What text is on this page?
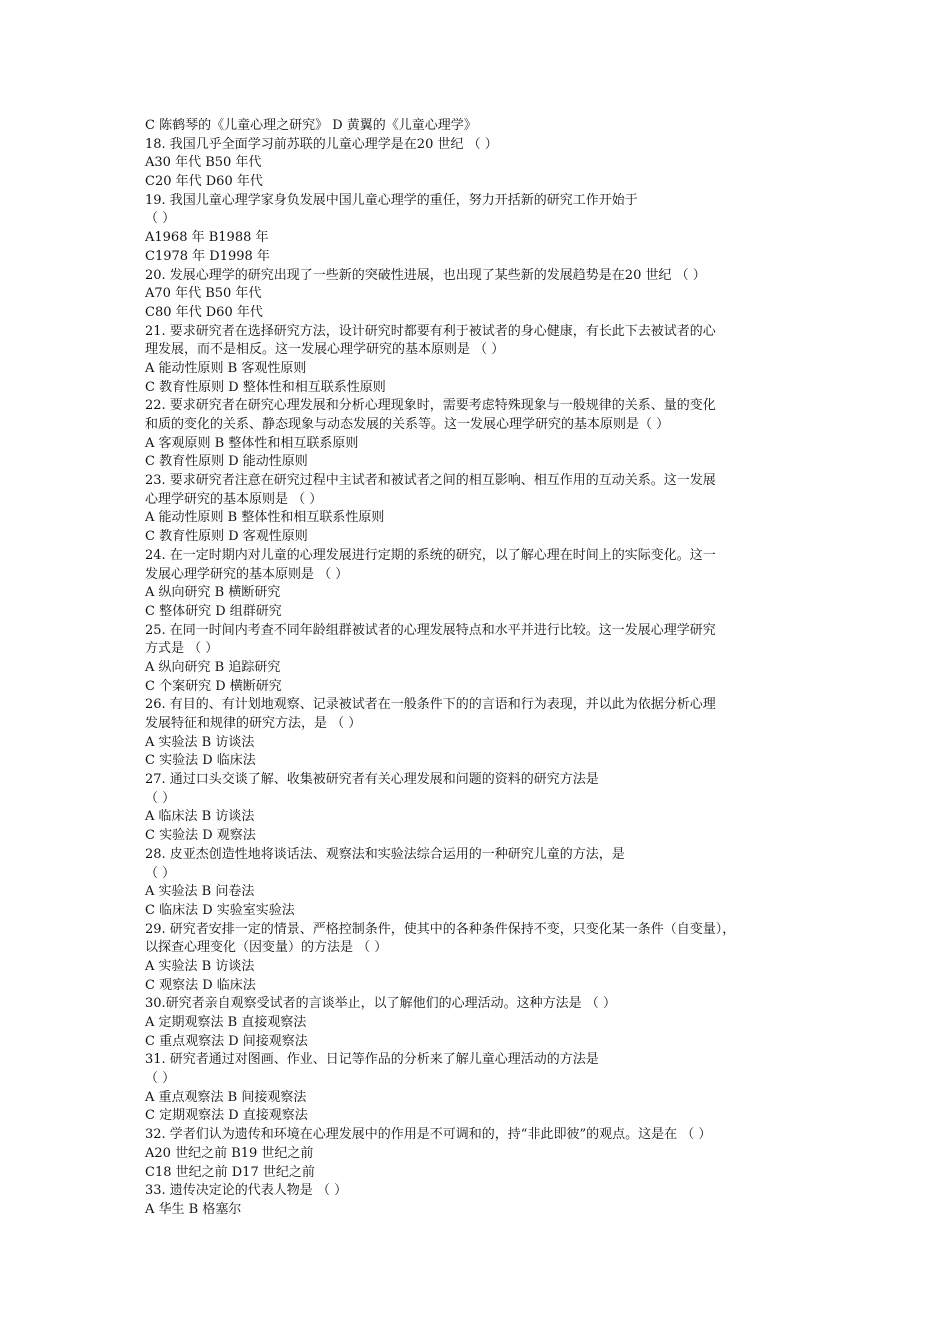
C 陈鹤琴的《儿童心理之研究》 D 黄翼的《儿童心理学》
18. 我国几乎全面学习前苏联的儿童心理学是在20 世纪 （ ）
A30 年代 B50 年代
C20 年代 D60 年代
19. 我国儿童心理学家身负发展中国儿童心理学的重任，努力开括新的研究工作开始于
（ ）
A1968 年 B1988 年
C1978 年 D1998 年
20. 发展心理学的研究出现了一些新的突破性进展，也出现了某些新的发展趋势是在20 世纪 （ ）
A70 年代 B50 年代
C80 年代 D60 年代
21. 要求研究者在选择研究方法，设计研究时都要有利于被试者的身心健康，有长此下去被试者的心
理发展，而不是相反。这一发展心理学研究的基本原则是 （ ）
A 能动性原则 B 客观性原则
C 教育性原则 D 整体性和相互联系性原则
22. 要求研究者在研究心理发展和分析心理现象时，需要考虑特殊现象与一般规律的关系、量的变化
和质的变化的关系、静态现象与动态发展的关系等。这一发展心理学研究的基本原则是（ ）
A 客观原则 B 整体性和相互联系原则
C 教育性原则 D 能动性原则
23. 要求研究者注意在研究过程中主试者和被试者之间的相互影响、相互作用的互动关系。这一发展
心理学研究的基本原则是 （ ）
A 能动性原则 B 整体性和相互联系性原则
C 教育性原则 D 客观性原则
24. 在一定时期内对儿童的心理发展进行定期的系统的研究，以了解心理在时间上的实际变化。这一
发展心理学研究的基本原则是 （ ）
A 纵向研究 B 横断研究
C 整体研究 D 组群研究
25. 在同一时间内考查不同年龄组群被试者的心理发展特点和水平并进行比较。这一发展心理学研究
方式是 （ ）
A 纵向研究 B 追踪研究
C 个案研究 D 横断研究
26. 有目的、有计划地观察、记录被试者在一般条件下的的言语和行为表现，并以此为依据分析心理
发展特征和规律的研究方法，是 （ ）
A 实验法 B 访谈法
C 实验法 D 临床法
27. 通过口头交谈了解、收集被研究者有关心理发展和问题的资料的研究方法是
（ ）
A 临床法 B 访谈法
C 实验法 D 观察法
28. 皮亚杰创造性地将谈话法、观察法和实验法综合运用的一种研究儿童的方法，是
（ ）
A 实验法 B 问卷法
C 临床法 D 实验室实验法
29. 研究者安排一定的情景、严格控制条件，使其中的各种条件保持不变，只变化某一条件（自变量），
以探查心理变化（因变量）的方法是 （ ）
A 实验法 B 访谈法
C 观察法 D 临床法
30.研究者亲自观察受试者的言谈举止，以了解他们的心理活动。这种方法是 （ ）
A 定期观察法 B 直接观察法
C 重点观察法 D 间接观察法
31. 研究者通过对图画、作业、日记等作品的分析来了解儿童心理活动的方法是
（ ）
A 重点观察法 B 间接观察法
C 定期观察法 D 直接观察法
32. 学者们认为遗传和环境在心理发展中的作用是不可调和的，持“非此即彼”的观点。这是在 （ ）
A20 世纪之前 B19 世纪之前
C18 世纪之前 D17 世纪之前
33. 遗传决定论的代表人物是 （ ）
A 华生 B 格塞尔
